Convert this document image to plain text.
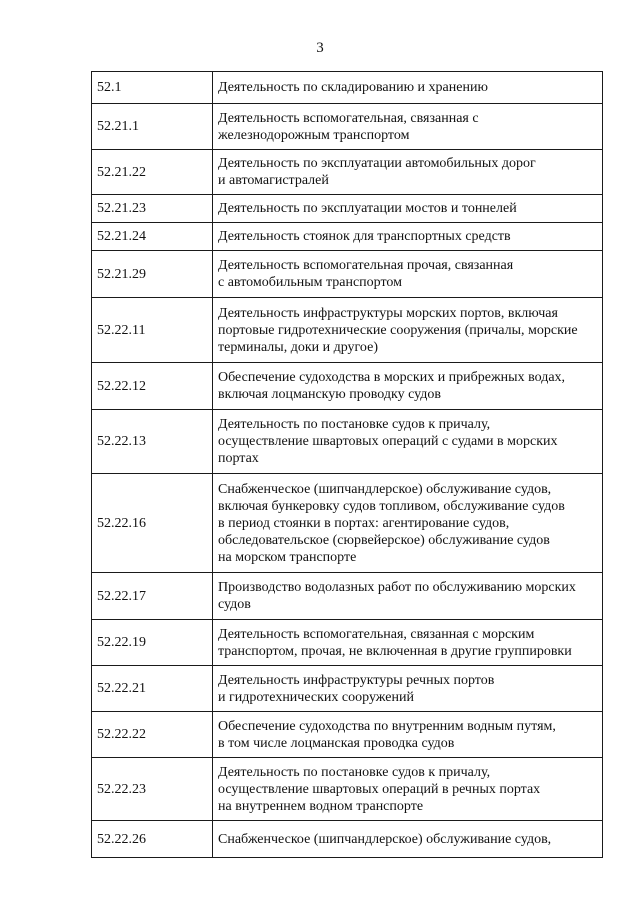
3
52.1	Деятельность по складированию и хранению

52.21.1	Деятельность вспомогательная, связанная с
железнодорожным транспортом

52.21.22	Деятельность по эксплуатации автомобильных дорог
и автомагистралей

52.21.23	Деятельность по эксплуатации мостов и тоннелей

52.21.24	Деятельность стоянок для транспортных средств

52.21.29	Деятельность вспомогательная прочая, связанная
с автомобильным транспортом

52.22.11	Деятельность инфраструктуры морских портов, включая
портовые гидротехнические сооружения (причалы, морские
терминалы, доки и другое)

52.22.12	Обеспечение судоходства в морских и прибрежных водах,
включая лоцманскую проводку судов

52.22.13	Деятельность по постановке судов к причалу,
осуществление швартовых операций с судами в морских
портах

52.22.16	Снабженческое (шипчандлерское) обслуживание судов,
включая бункеровку судов топливом, обслуживание судов
в период стоянки в портах: агентирование судов,
обследовательское (сюрвейерское) обслуживание судов
на морском транспорте

52.22.17	Производство водолазных работ по обслуживанию морских
судов

52.22.19	Деятельность вспомогательная, связанная с морским
транспортом, прочая, не включенная в другие группировки

52.22.21	Деятельность инфраструктуры речных портов
и гидротехнических сооружений

52.22.22	Обеспечение судоходства по внутренним водным путям,
в том числе лоцманская проводка судов

52.22.23	Деятельность по постановке судов к причалу,
осуществление швартовых операций в речных портах
на внутреннем водном транспорте

52.22.26	Снабженческое (шипчандлерское) обслуживание судов,
